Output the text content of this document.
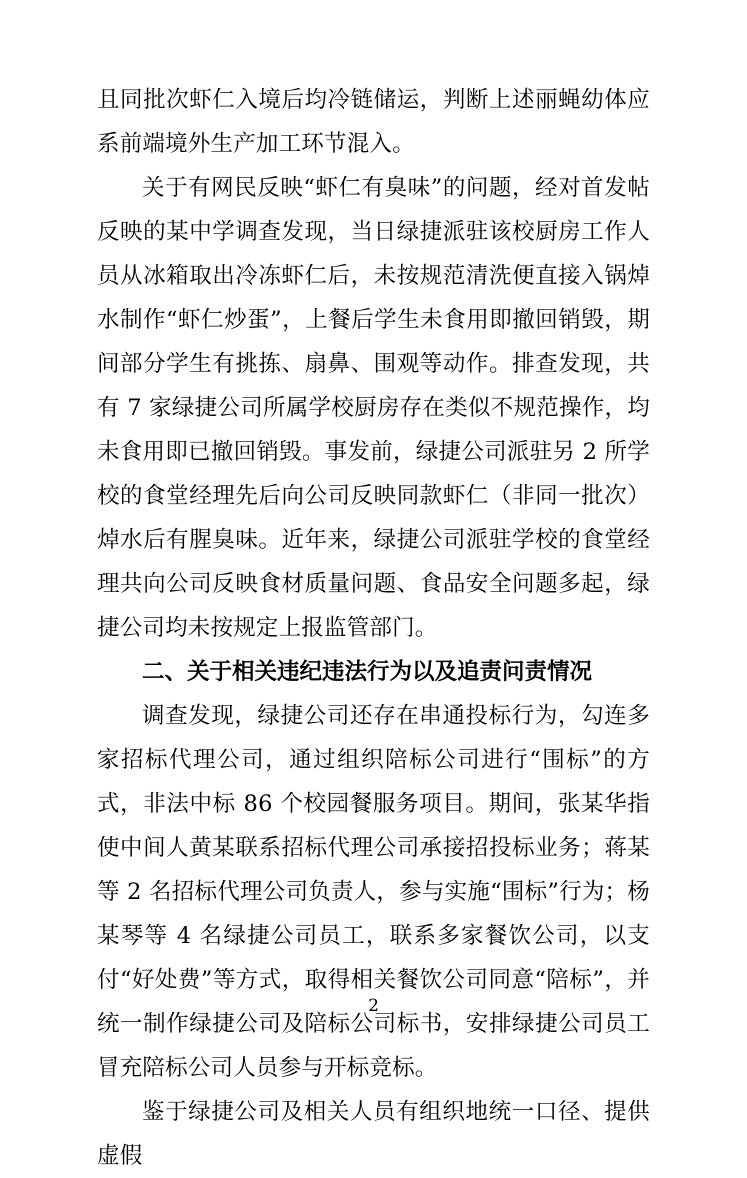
且同批次虾仁入境后均冷链储运，判断上述丽蝇幼体应系前端境外生产加工环节混入。

关于有网民反映“虾仁有臭味”的问题，经对首发帖反映的某中学调查发现，当日绿捷派驻该校厨房工作人员从冰箱取出冷冻虾仁后，未按规范清洗便直接入锅焯水制作“虾仁炒蛋”，上餐后学生未食用即撤回销毁，期间部分学生有挑拣、扇鼻、围观等动作。排查发现，共有 7 家绿捷公司所属学校厨房存在类似不规范操作，均未食用即已撤回销毁。事发前，绿捷公司派驻另 2 所学校的食堂经理先后向公司反映同款虾仁（非同一批次）焯水后有腥臭味。近年来，绿捷公司派驻学校的食堂经理共向公司反映食材质量问题、食品安全问题多起，绿捷公司均未按规定上报监管部门。

二、关于相关违纪违法行为以及追责问责情况

调查发现，绿捷公司还存在串通投标行为，勾连多家招标代理公司，通过组织陪标公司进行“围标”的方式，非法中标 86 个校园餐服务项目。期间，张某华指使中间人黄某联系招标代理公司承接招投标业务；蒋某等 2 名招标代理公司负责人，参与实施“围标”行为；杨某琴等 4 名绿捷公司员工，联系多家餐饮公司，以支付“好处费”等方式，取得相关餐饮公司同意“陪标”，并统一制作绿捷公司及陪标公司标书，安排绿捷公司员工冒充陪标公司人员参与开标竞标。

鉴于绿捷公司及相关人员有组织地统一口径、提供虚假

2
